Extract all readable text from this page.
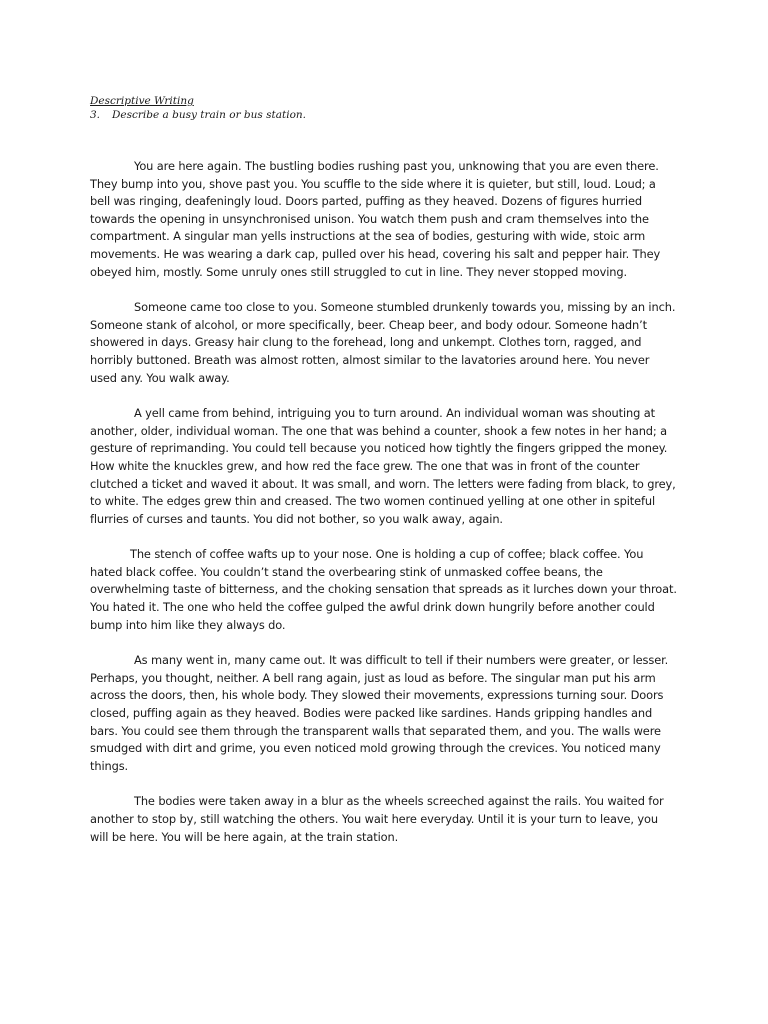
Descriptive Writing

3.	Describe a busy train or bus station.

You are here again. The bustling bodies rushing past you, unknowing that you are even there. They bump into you, shove past you. You scuffle to the side where it is quieter, but still, loud. Loud; a bell was ringing, deafeningly loud. Doors parted, puffing as they heaved. Dozens of figures hurried towards the opening in unsynchronised unison. You watch them push and cram themselves into the compartment. A singular man yells instructions at the sea of bodies, gesturing with wide, stoic arm movements. He was wearing a dark cap, pulled over his head, covering his salt and pepper hair. They obeyed him, mostly. Some unruly ones still struggled to cut in line. They never stopped moving.

Someone came too close to you. Someone stumbled drunkenly towards you, missing by an inch. Someone stank of alcohol, or more specifically, beer. Cheap beer, and body odour. Someone hadn’t showered in days. Greasy hair clung to the forehead, long and unkempt. Clothes torn, ragged, and horribly buttoned. Breath was almost rotten, almost similar to the lavatories around here. You never used any. You walk away.

A yell came from behind, intriguing you to turn around. An individual woman was shouting at another, older, individual woman. The one that was behind a counter, shook a few notes in her hand; a gesture of reprimanding. You could tell because you noticed how tightly the fingers gripped the money. How white the knuckles grew, and how red the face grew. The one that was in front of the counter clutched a ticket and waved it about. It was small, and worn. The letters were fading from black, to grey, to white. The edges grew thin and creased. The two women continued yelling at one other in spiteful flurries of curses and taunts. You did not bother, so you walk away, again.

The stench of coffee wafts up to your nose. One is holding a cup of coffee; black coffee. You hated black coffee. You couldn’t stand the overbearing stink of unmasked coffee beans, the overwhelming taste of bitterness, and the choking sensation that spreads as it lurches down your throat. You hated it. The one who held the coffee gulped the awful drink down hungrily before another could bump into him like they always do.

As many went in, many came out. It was difficult to tell if their numbers were greater, or lesser. Perhaps, you thought, neither. A bell rang again, just as loud as before. The singular man put his arm across the doors, then, his whole body. They slowed their movements, expressions turning sour. Doors closed, puffing again as they heaved. Bodies were packed like sardines. Hands gripping handles and bars. You could see them through the transparent walls that separated them, and you. The walls were smudged with dirt and grime, you even noticed mold growing through the crevices. You noticed many things.

The bodies were taken away in a blur as the wheels screeched against the rails. You waited for another to stop by, still watching the others. You wait here everyday. Until it is your turn to leave, you will be here. You will be here again, at the train station.
